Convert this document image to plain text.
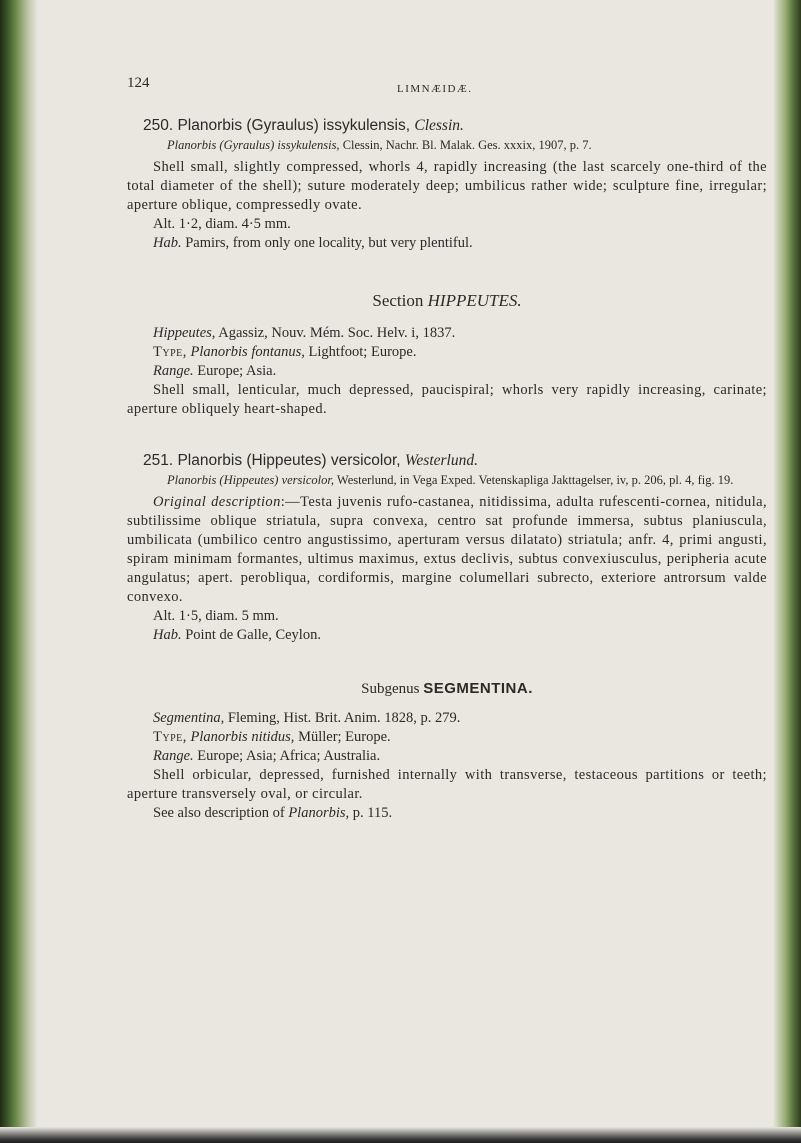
124	LIMNÆIDÆ.
250. Planorbis (Gyraulus) issykulensis, Clessin.
Planorbis (Gyraulus) issykulensis, Clessin, Nachr. Bl. Malak. Ges. xxxix, 1907, p. 7.

Shell small, slightly compressed, whorls 4, rapidly increasing (the last scarcely one-third of the total diameter of the shell); suture moderately deep; umbilicus rather wide; sculpture fine, irregular; aperture oblique, compressedly ovate.

Alt. 1·2, diam. 4·5 mm.

Hab. Pamirs, from only one locality, but very plentiful.

Section HIPPEUTES.

Hippeutes, Agassiz, Nouv. Mém. Soc. Helv. i, 1837.

Type, Planorbis fontanus, Lightfoot; Europe.

Range. Europe; Asia.

Shell small, lenticular, much depressed, paucispiral; whorls very rapidly increasing, carinate; aperture obliquely heart-shaped.

251. Planorbis (Hippeutes) versicolor, Westerlund.
Planorbis (Hippeutes) versicolor, Westerlund, in Vega Exped. Vetenskapliga Jakttagelser, iv, p. 206, pl. 4, fig. 19.

Original description:—Testa juvenis rufo-castanea, nitidissima, adulta rufescenti-cornea, nitidula, subtilissime oblique striatula, supra convexa, centro sat profunde immersa, subtus planiuscula, umbilicata (umbilico centro angustissimo, aperturam versus dilatato) striatula; anfr. 4, primi angusti, spiram minimam formantes, ultimus maximus, extus declivis, subtus convexiusculus, peripheria acute angulatus; apert. perobliqua, cordiformis, margine columellari subrecto, exteriore antrorsum valde convexo.

Alt. 1·5, diam. 5 mm.

Hab. Point de Galle, Ceylon.

Subgenus SEGMENTINA.

Segmentina, Fleming, Hist. Brit. Anim. 1828, p. 279.

Type, Planorbis nitidus, Müller; Europe.

Range. Europe; Asia; Africa; Australia.

Shell orbicular, depressed, furnished internally with transverse, testaceous partitions or teeth; aperture transversely oval, or circular.

See also description of Planorbis, p. 115.
